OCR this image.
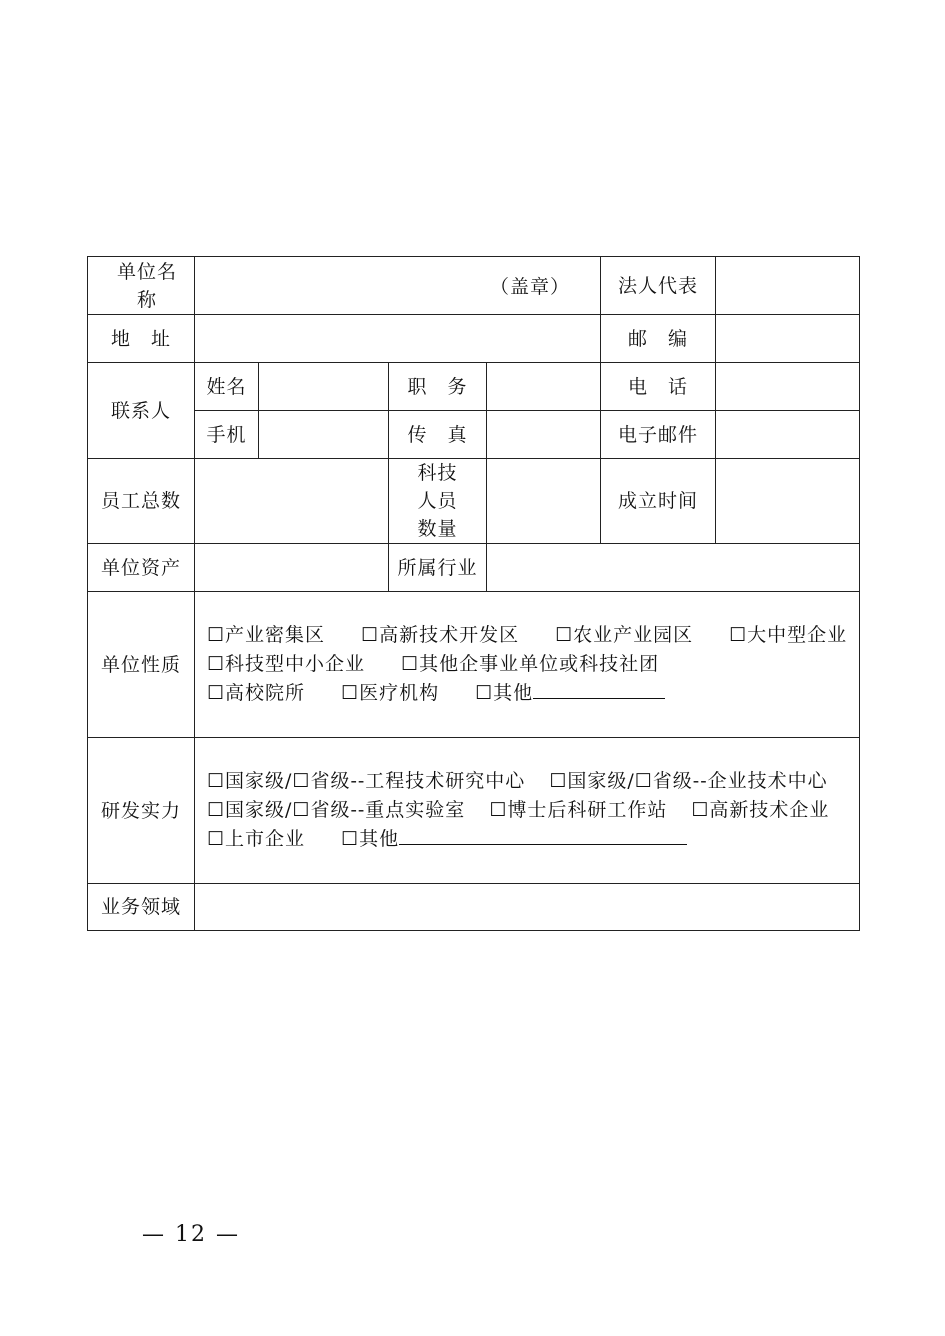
单位名称	（盖章）				法人代表	
地　址					邮　编	
联系人	姓名		职　务		电　话	
	手机		传　真		电子邮件	
员工总数			科技人员数量		成立时间	
单位资产			所属行业			
单位性质	☐产业密集区 ☐高新技术开发区 ☐农业产业园区 ☐大中型企业
☐科技型中小企业 ☐其他企事业单位或科技社团
☐高校院所 ☐医疗机构 ☐其他					
研发实力	☐国家级/☐省级--工程技术研究中心 ☐国家级/☐省级--企业技术中心
☐国家级/☐省级--重点实验室 ☐博士后科研工作站 ☐高新技术企业
☐上市企业 ☐其他					
业务领域						
— 12 —
